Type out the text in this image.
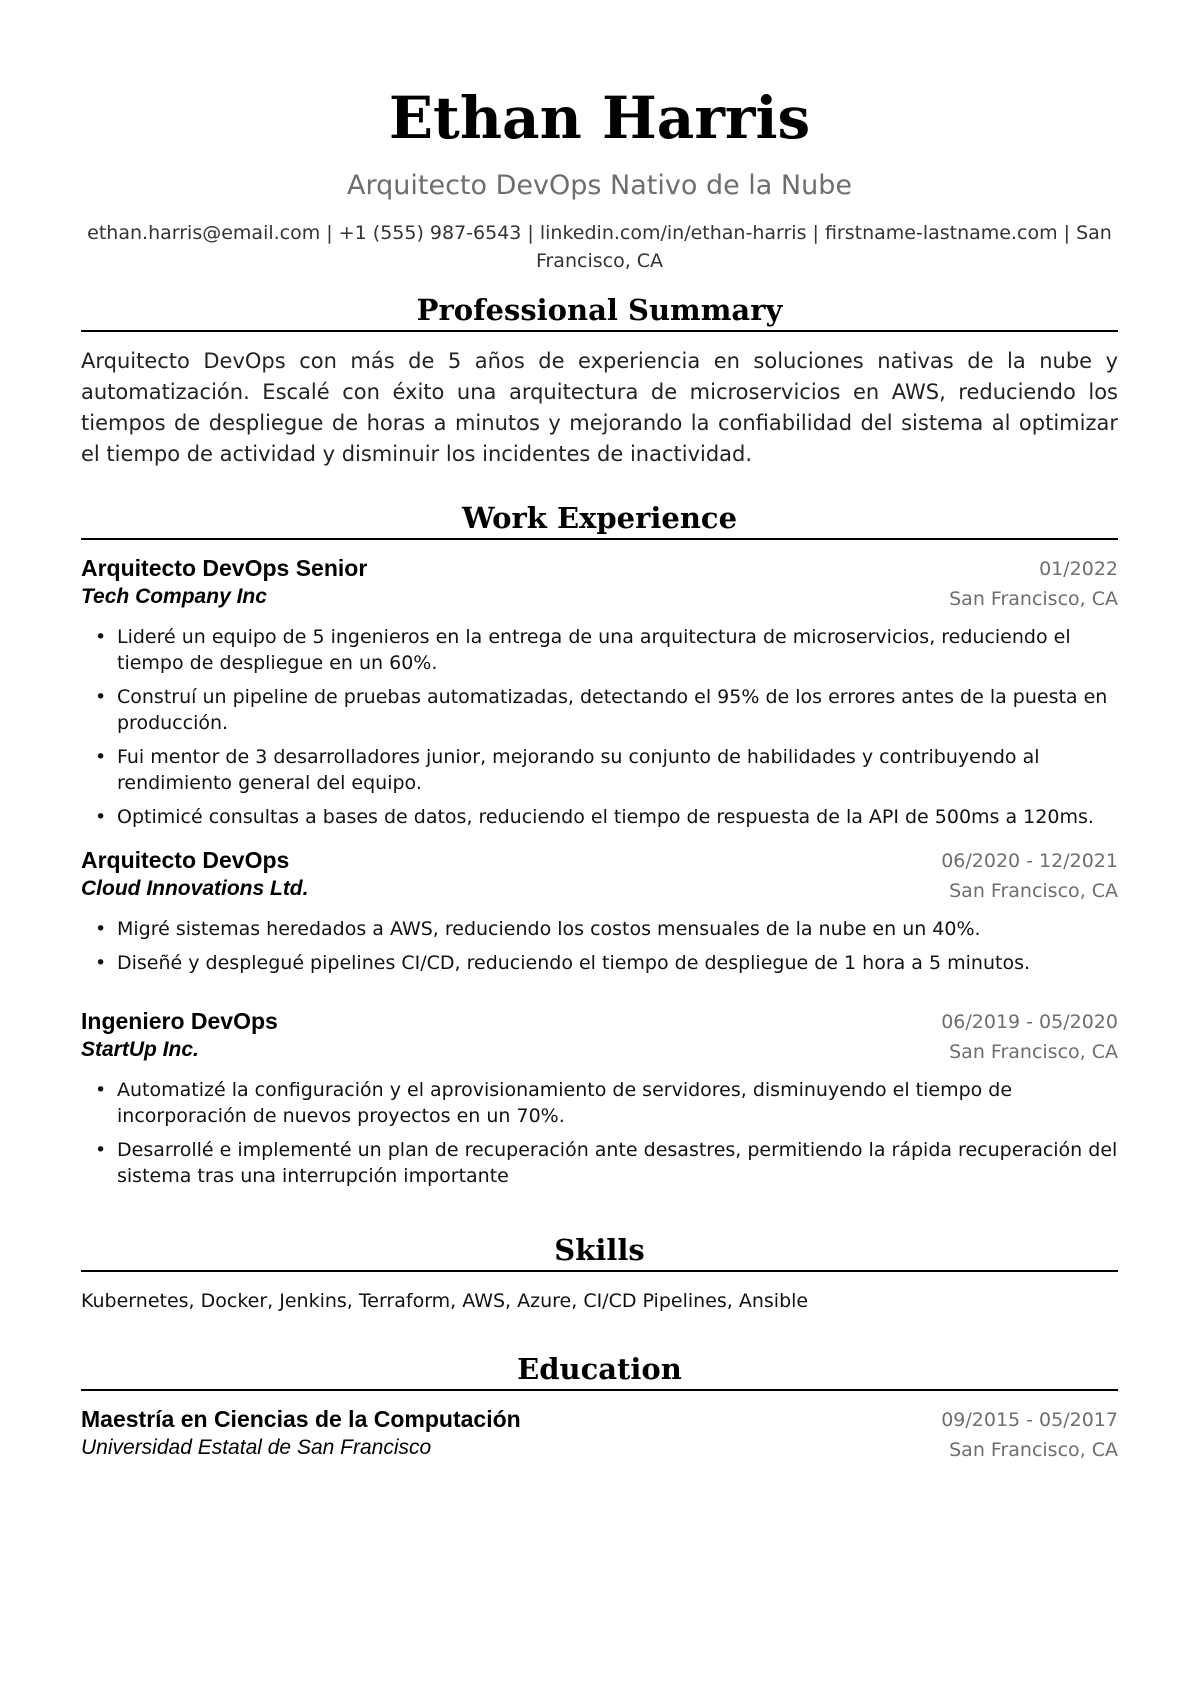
Ethan Harris
Arquitecto DevOps Nativo de la Nube
ethan.harris@email.com | +1 (555) 987-6543 | linkedin.com/in/ethan-harris | firstname-lastname.com | San Francisco, CA
Professional Summary

Arquitecto DevOps con más de 5 años de experiencia en soluciones nativas de la nube y automatización. Escalé con éxito una arquitectura de microservicios en AWS, reduciendo los tiempos de despliegue de horas a minutos y mejorando la confiabilidad del sistema al optimizar el tiempo de actividad y disminuir los incidentes de inactividad.

Work Experience
Arquitecto DevOps Senior
Tech Company Inc
01/2022
San Francisco, CA
• Lideré un equipo de 5 ingenieros en la entrega de una arquitectura de microservicios, reduciendo el tiempo de despliegue en un 60%.
• Construí un pipeline de pruebas automatizadas, detectando el 95% de los errores antes de la puesta en producción.
• Fui mentor de 3 desarrolladores junior, mejorando su conjunto de habilidades y contribuyendo al rendimiento general del equipo.
• Optimicé consultas a bases de datos, reduciendo el tiempo de respuesta de la API de 500ms a 120ms.
Arquitecto DevOps
Cloud Innovations Ltd.
06/2020 - 12/2021
San Francisco, CA
• Migré sistemas heredados a AWS, reduciendo los costos mensuales de la nube en un 40%.
• Diseñé y desplegué pipelines CI/CD, reduciendo el tiempo de despliegue de 1 hora a 5 minutos.
Ingeniero DevOps
StartUp Inc.
06/2019 - 05/2020
San Francisco, CA
• Automatizé la configuración y el aprovisionamiento de servidores, disminuyendo el tiempo de incorporación de nuevos proyectos en un 70%.
• Desarrollé e implementé un plan de recuperación ante desastres, permitiendo la rápida recuperación del sistema tras una interrupción importante
Skills

Kubernetes, Docker, Jenkins, Terraform, AWS, Azure, CI/CD Pipelines, Ansible

Education
Maestría en Ciencias de la Computación
Universidad Estatal de San Francisco
09/2015 - 05/2017
San Francisco, CA
